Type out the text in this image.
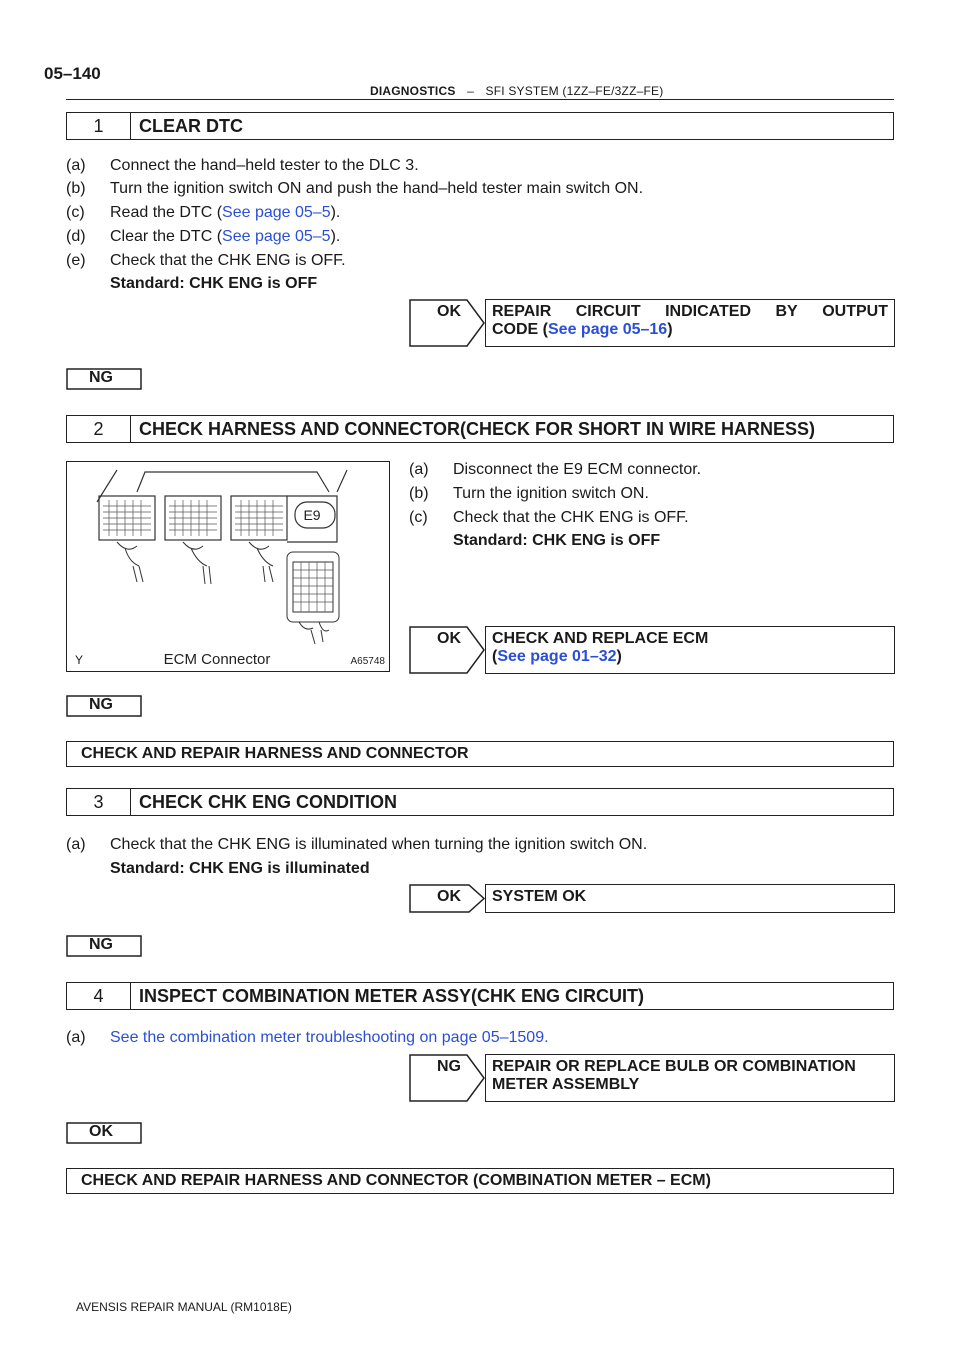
05–140
DIAGNOSTICS – SFI SYSTEM (1ZZ–FE/3ZZ–FE)
1	CLEAR DTC
(a) Connect the hand–held tester to the DLC 3.
(b) Turn the ignition switch ON and push the hand–held tester main switch ON.
(c) Read the DTC (See page 05–5).
(d) Clear the DTC (See page 05–5).
(e) Check that the CHK ENG is OFF.
Standard: CHK ENG is OFF
OK REPAIR CIRCUIT INDICATED BY OUTPUT
CODE (See page 05–16)
NG
2	CHECK HARNESS AND CONNECTOR(CHECK FOR SHORT IN WIRE HARNESS)
E9
Y	ECM Connector	A65748
(a) Disconnect the E9 ECM connector.
(b) Turn the ignition switch ON.
(c) Check that the CHK ENG is OFF.
Standard: CHK ENG is OFF
OK CHECK AND REPLACE ECM
(See page 01–32)
NG
CHECK AND REPAIR HARNESS AND CONNECTOR
3	CHECK CHK ENG CONDITION
(a) Check that the CHK ENG is illuminated when turning the ignition switch ON.
Standard: CHK ENG is illuminated
OK	SYSTEM OK
NG
4	INSPECT COMBINATION METER ASSY(CHK ENG CIRCUIT)
(a) See the combination meter troubleshooting on page 05–1509.
NG REPAIR OR REPLACE BULB OR COMBINATION
METER ASSEMBLY
OK
CHECK AND REPAIR HARNESS AND CONNECTOR (COMBINATION METER – ECM)
AVENSIS REPAIR MANUAL (RM1018E)
